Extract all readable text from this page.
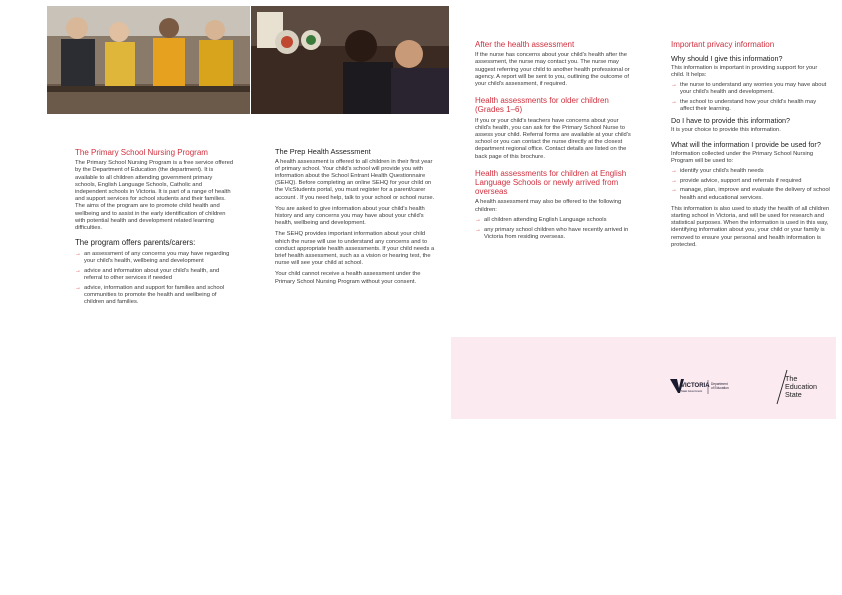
The Primary School Nursing Program
The Primary School Nursing Program is a free service offered by the Department of Education (the department). It is available to all children attending government primary schools, English Language Schools, Catholic and independent schools in Victoria. It is part of a range of health and support services for school students and their families. The aims of the program are to promote child health and wellbeing and to assist in the early identification of children with potential health and development related learning difficulties.
The program offers parents/carers:
→ an assessment of any concerns you may have regarding your child's health, wellbeing and development
→ advice and information about your child's health, and referral to other services if needed
→ advice, information and support for families and school communities to promote the health and wellbeing of children and families.
The Prep Health Assessment
A health assessment is offered to all children in their first year of primary school. Your child's school will provide you with information about the School Entrant Health Questionnaire (SEHQ). Before completing an online SEHQ for your child on the VicStudents portal, you must register for a parent/carer account . If you need help, talk to your school or school nurse.
You are asked to give information about your child's health history and any concerns you may have about your child's health, wellbeing and development.
The SEHQ provides important information about your child which the nurse will use to understand any concerns and to conduct appropriate health assessments. If your child needs a brief health assessment, such as a vision or hearing test, the nurse will see your child at school.
Your child cannot receive a health assessment under the Primary School Nursing Program without your consent.
After the health assessment
If the nurse has concerns about your child's health after the assessment, the nurse may contact you. The nurse may suggest referring your child to another health professional or agency. A report will be sent to you, outlining the outcome of your child's assessment, if required.
Health assessments for older children (Grades 1–6)
If you or your child's teachers have concerns about your child's health, you can ask for the Primary School Nurse to assess your child. Referral forms are available at your child's school or you can contact the nurse directly at the closest department regional office. Contact details are listed on the back page of this brochure.
Health assessments for children at English Language Schools or newly arrived from overseas
A health assessment may also be offered to the following children:
→ all children attending English Language schools
→ any primary school children who have recently arrived in Victoria from residing overseas.
Important privacy information
Why should I give this information?
This information is important in providing support for your child. It helps:
→ the nurse to understand any worries you may have about your child's health and development.
→ the school to understand how your child's health may affect their learning.
Do I have to provide this information?
It is your choice to provide this information.
What will the information I provide be used for?
Information collected under the Primary School Nursing Program will be used to:
→ identify your child's health needs
→ provide advice, support and referrals if required
→ manage, plan, improve and evaluate the delivery of school health and educational services.
This information is also used to study the health of all children starting school in Victoria, and will be used for research and statistical purposes. When the information is used in this way, identifying information about you, your child or your family is removed to ensure your personal and health information is protected.
VICTORIA
State Government
Department
of Education
The
Education
State
